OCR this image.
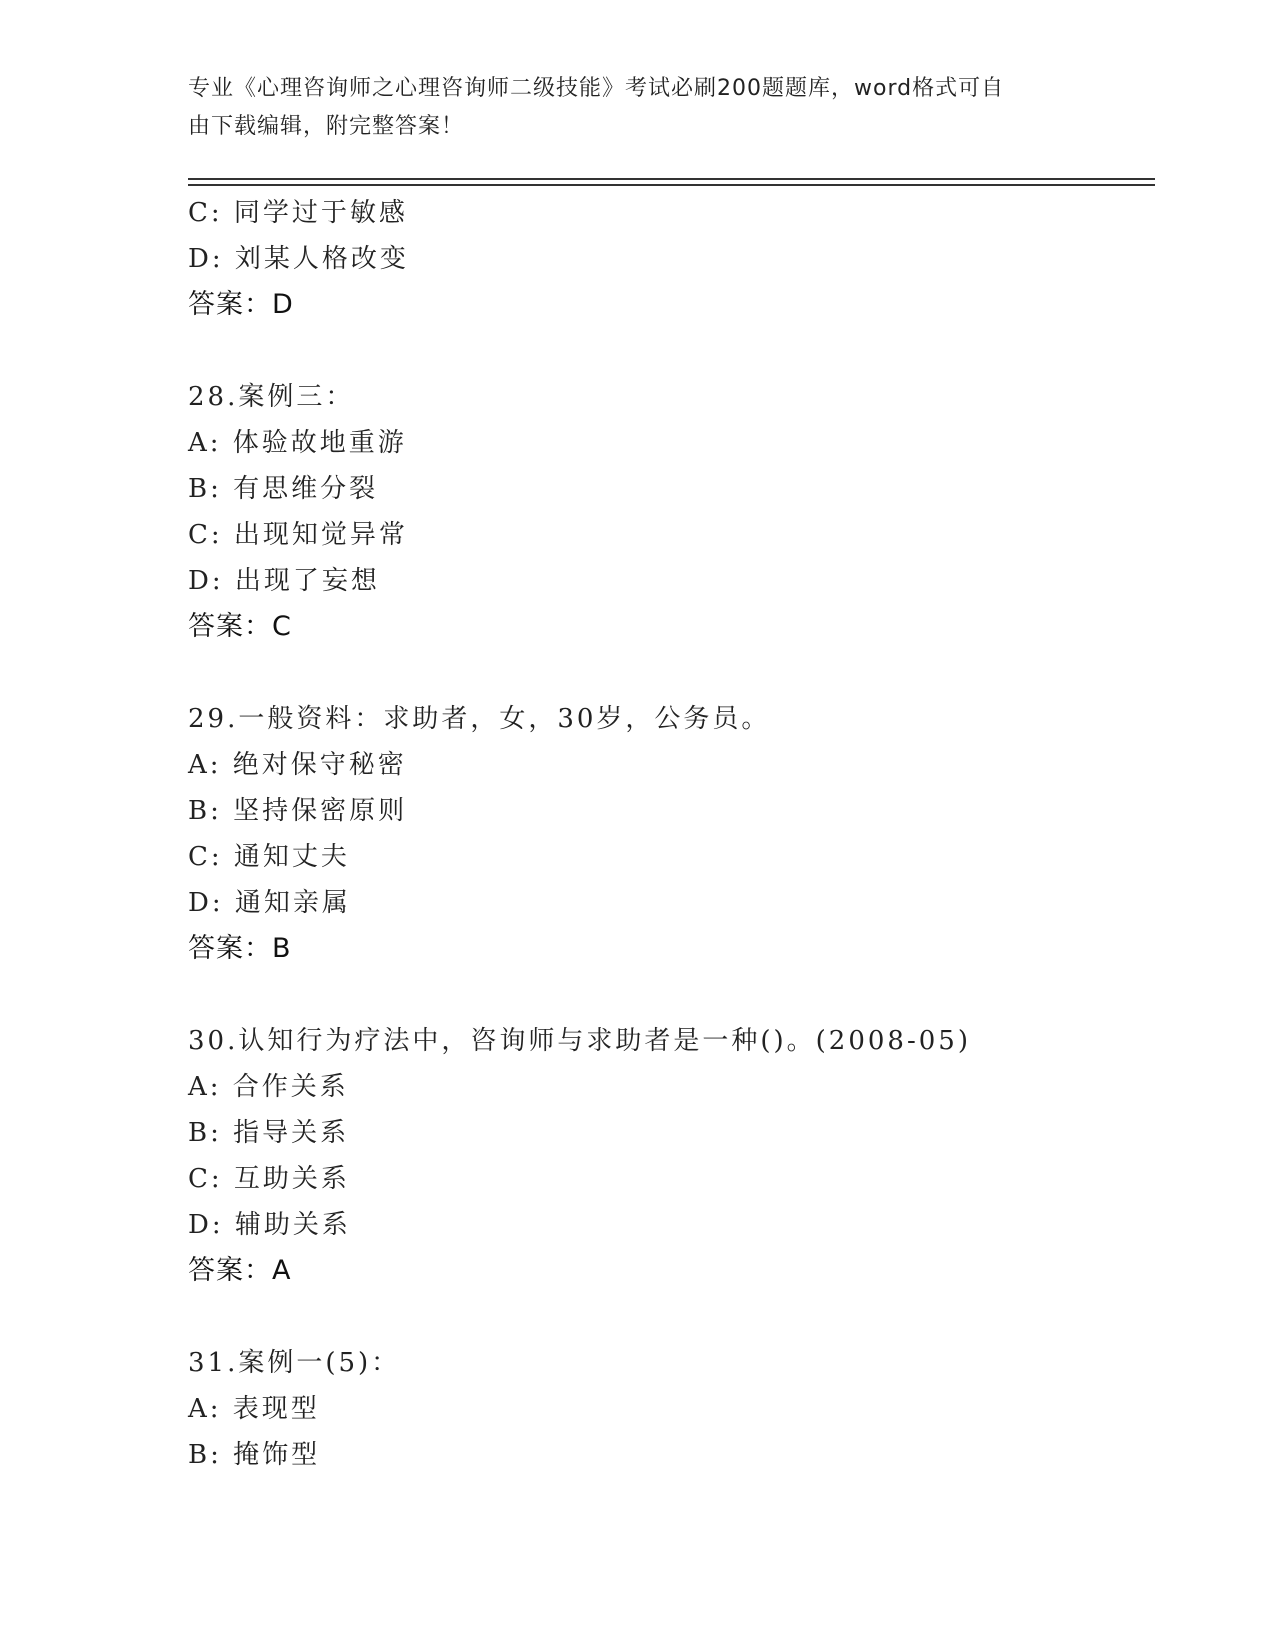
专业《心理咨询师之心理咨询师二级技能》考试必刷200题题库，word格式可自
由下载编辑，附完整答案！
C: 同学过于敏感
D: 刘某人格改变
答案：D
28.案例三：
A: 体验故地重游
B: 有思维分裂
C: 出现知觉异常
D: 出现了妄想
答案：C
29.一般资料：求助者，女，30岁，公务员。
A: 绝对保守秘密
B: 坚持保密原则
C: 通知丈夫
D: 通知亲属
答案：B
30.认知行为疗法中，咨询师与求助者是一种()。(2008-05)
A: 合作关系
B: 指导关系
C: 互助关系
D: 辅助关系
答案：A
31.案例一(5)：
A: 表现型
B: 掩饰型
